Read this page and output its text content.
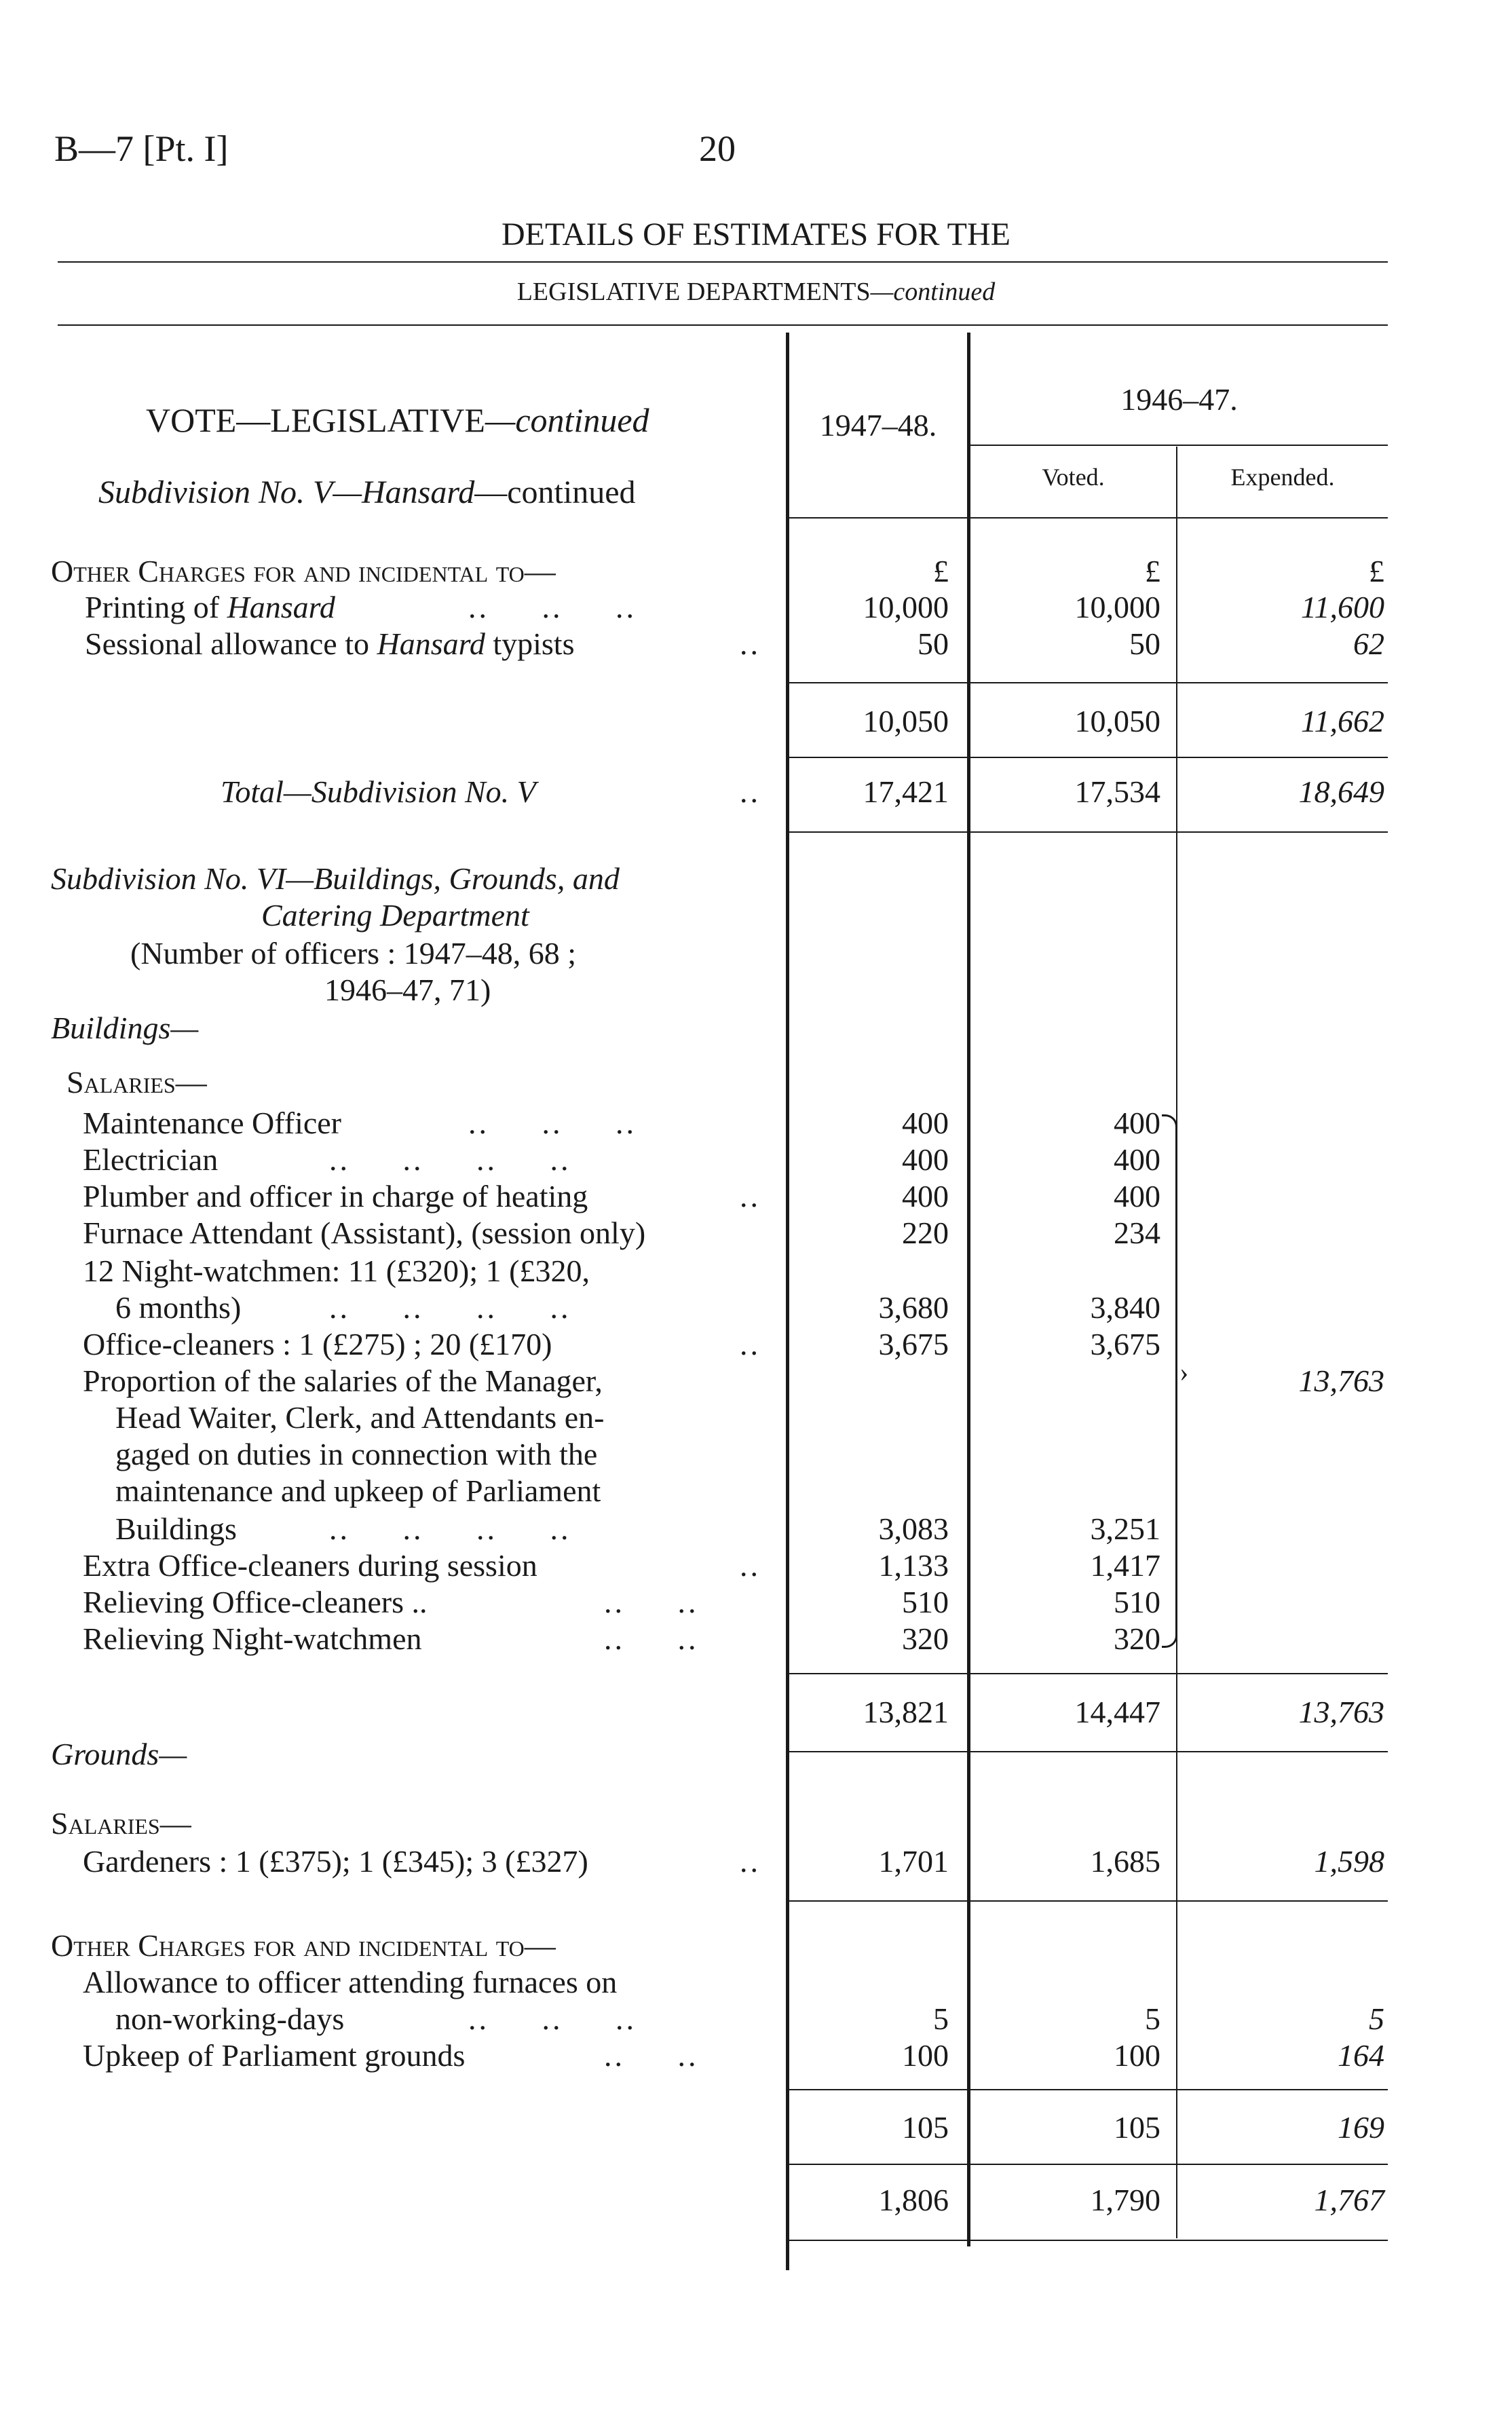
B—7 [Pt. I]	20
DETAILS OF ESTIMATES FOR THE
LEGISLATIVE DEPARTMENTS—continued
VOTE—LEGISLATIVE—continued
Subdivision No. V—Hansard—continued
1947–48.
1946–47.
Voted.	Expended.
Other Charges for and incidental to—	£	£	£
Printing of Hansard	..     ..     ..	10,000	10,000	11,600
Sessional allowance to Hansard typists	..	50	50	62
10,050	10,050	11,662
Total—Subdivision No. V	..	17,421	17,534	18,649
Subdivision No. VI—Buildings, Grounds, and
Catering Department
(Number of officers : 1947–48, 68 ;
1946–47, 71)
Buildings—
Salaries—
Maintenance Officer	..     ..     ..	400	400
Electrician	..     ..     ..     ..	400	400
Plumber and officer in charge of heating	..	400	400
Furnace Attendant (Assistant), (session only)	220	234
12 Night-watchmen: 11 (£320); 1 (£320,
6 months)	..     ..     ..     ..	3,680	3,840
Office-cleaners : 1 (£275) ; 20 (£170)	..	3,675	3,675
Proportion of the salaries of the Manager,
Head Waiter, Clerk, and Attendants en-
gaged on duties in connection with the
maintenance and upkeep of Parliament
Buildings	..     ..     ..     ..	3,083	3,251
Extra Office-cleaners during session	..	1,133	1,417
Relieving Office-cleaners ..	..     ..	510	510
Relieving Night-watchmen	..     ..	320	320
›	13,763
13,821	14,447	13,763
Grounds—
Salaries—
Gardeners : 1 (£375); 1 (£345); 3 (£327)	..	1,701	1,685	1,598
Other Charges for and incidental to—
Allowance to officer attending furnaces on
non-working-days	..     ..     ..	5	5	5
Upkeep of Parliament grounds	..     ..	100	100	164
105	105	169
1,806	1,790	1,767
